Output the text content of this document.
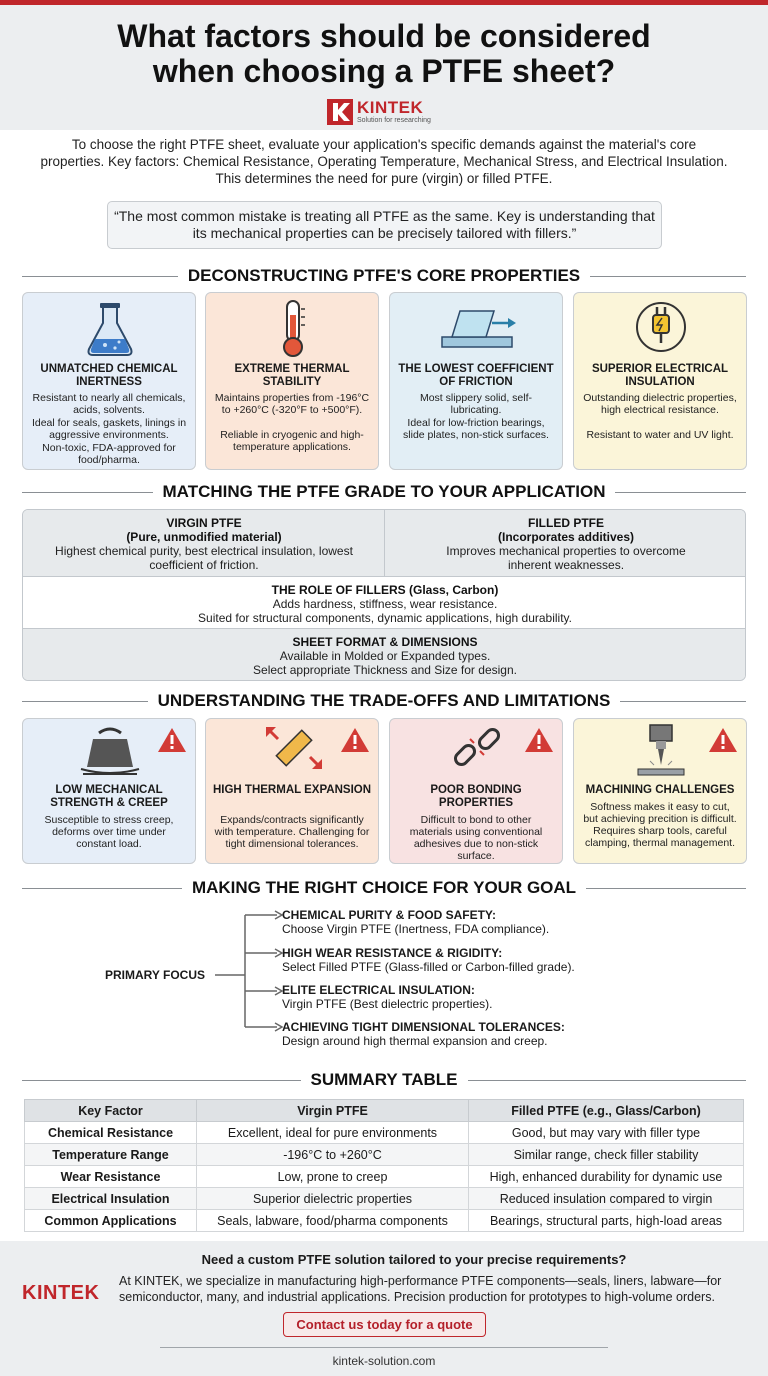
What factors should be considered
when choosing a PTFE sheet?
KINTEK
Solution for researching
To choose the right PTFE sheet, evaluate your application's specific demands against the material's core properties. Key factors: Chemical Resistance, Operating Temperature, Mechanical Stress, and Electrical Insulation. This determines the need for pure (virgin) or filled PTFE.
“The most common mistake is treating all PTFE as the same. Key is understanding that its mechanical properties can be precisely tailored with fillers.”
DECONSTRUCTING PTFE'S CORE PROPERTIES
UNMATCHED CHEMICAL INERTNESS
Resistant to nearly all chemicals, acids, solvents.
Ideal for seals, gaskets, linings in aggressive environments.
Non-toxic, FDA-approved for food/pharma.
EXTREME THERMAL STABILITY
Maintains properties from -196°C to +260°C (-320°F to +500°F).
Reliable in cryogenic and high-temperature applications.
THE LOWEST COEFFICIENT OF FRICTION
Most slippery solid, self-lubricating.
Ideal for low-friction bearings, slide plates, non-stick surfaces.
SUPERIOR ELECTRICAL INSULATION
Outstanding dielectric properties, high electrical resistance.
Resistant to water and UV light.
MATCHING THE PTFE GRADE TO YOUR APPLICATION
VIRGIN PTFE
(Pure, unmodified material)
Highest chemical purity, best electrical insulation, lowest coefficient of friction.
FILLED PTFE
(Incorporates additives)
Improves mechanical properties to overcome inherent weaknesses.
THE ROLE OF FILLERS (Glass, Carbon)
Adds hardness, stiffness, wear resistance.
Suited for structural components, dynamic applications, high durability.
SHEET FORMAT & DIMENSIONS
Available in Molded or Expanded types.
Select appropriate Thickness and Size for design.
UNDERSTANDING THE TRADE-OFFS AND LIMITATIONS
LOW MECHANICAL STRENGTH & CREEP
Susceptible to stress creep, deforms over time under constant load.
HIGH THERMAL EXPANSION
Expands/contracts significantly with temperature. Challenging for tight dimensional tolerances.
POOR BONDING PROPERTIES
Difficult to bond to other materials using conventional adhesives due to non-stick surface.
MACHINING CHALLENGES
Softness makes it easy to cut, but achieving precition is difficult. Requires sharp tools, careful clamping, thermal management.
MAKING THE RIGHT CHOICE FOR YOUR GOAL
PRIMARY FOCUS
CHEMICAL PURITY & FOOD SAFETY:
Choose Virgin PTFE (Inertness, FDA compliance).
HIGH WEAR RESISTANCE & RIGIDITY:
Select Filled PTFE (Glass-filled or Carbon-filled grade).
ELITE ELECTRICAL INSULATION:
Virgin PTFE (Best dielectric properties).
ACHIEVING TIGHT DIMENSIONAL TOLERANCES:
Design around high thermal expansion and creep.
SUMMARY TABLE
Key Factor	Virgin PTFE	Filled PTFE (e.g., Glass/Carbon)
Chemical Resistance	Excellent, ideal for pure environments	Good, but may vary with filler type
Temperature Range	-196°C to +260°C	Similar range, check filler stability
Wear Resistance	Low, prone to creep	High, enhanced durability for dynamic use
Electrical Insulation	Superior dielectric properties	Reduced insulation compared to virgin
Common Applications	Seals, labware, food/pharma components	Bearings, structural parts, high-load areas
Need a custom PTFE solution tailored to your precise requirements?
KINTEK
At KINTEK, we specialize in manufacturing high-performance PTFE components—seals, liners, labware—for semiconductor, many, and industrial applications. Precision production for prototypes to high-volume orders.
Contact us today for a quote
kintek-solution.com
